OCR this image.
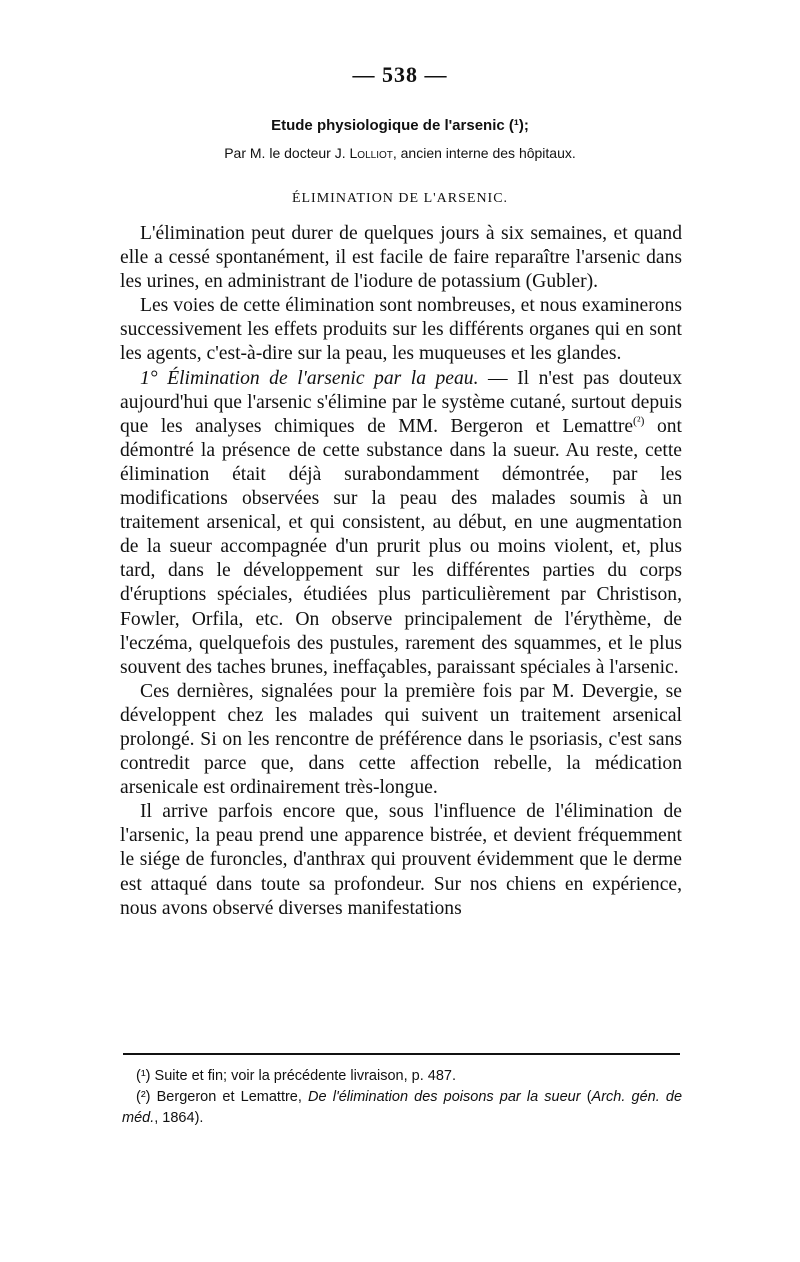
— 538 —
Etude physiologique de l'arsenic (¹);
Par M. le docteur J. Lolliot, ancien interne des hôpitaux.
ÉLIMINATION DE L'ARSENIC.

L'élimination peut durer de quelques jours à six semaines, et quand elle a cessé spontanément, il est facile de faire reparaître l'arsenic dans les urines, en administrant de l'iodure de potassium (Gubler).

Les voies de cette élimination sont nombreuses, et nous examinerons successivement les effets produits sur les différents organes qui en sont les agents, c'est-à-dire sur la peau, les muqueuses et les glandes.

1° Élimination de l'arsenic par la peau. — Il n'est pas douteux aujourd'hui que l'arsenic s'élimine par le système cutané, surtout depuis que les analyses chimiques de MM. Bergeron et Lemattre$^{(^2)}$ ont démontré la présence de cette substance dans la sueur. Au reste, cette élimination était déjà surabondamment démontrée, par les modifications observées sur la peau des malades soumis à un traitement arsenical, et qui consistent, au début, en une augmentation de la sueur accompagnée d'un prurit plus ou moins violent, et, plus tard, dans le développement sur les différentes parties du corps d'éruptions spéciales, étudiées plus particulièrement par Christison, Fowler, Orfila, etc. On observe principalement de l'érythème, de l'eczéma, quelquefois des pustules, rarement des squammes, et le plus souvent des taches brunes, ineffaçables, paraissant spéciales à l'arsenic.

Ces dernières, signalées pour la première fois par M. Devergie, se développent chez les malades qui suivent un traitement arsenical prolongé. Si on les rencontre de préférence dans le psoriasis, c'est sans contredit parce que, dans cette affection rebelle, la médication arsenicale est ordinairement très-longue.

Il arrive parfois encore que, sous l'influence de l'élimination de l'arsenic, la peau prend une apparence bistrée, et devient fréquemment le siége de furoncles, d'anthrax qui prouvent évidemment que le derme est attaqué dans toute sa profondeur. Sur nos chiens en expérience, nous avons observé diverses manifestations

(¹) Suite et fin; voir la précédente livraison, p. 487.

(²) Bergeron et Lemattre, De l'élimination des poisons par la sueur (Arch. gén. de méd., 1864).
